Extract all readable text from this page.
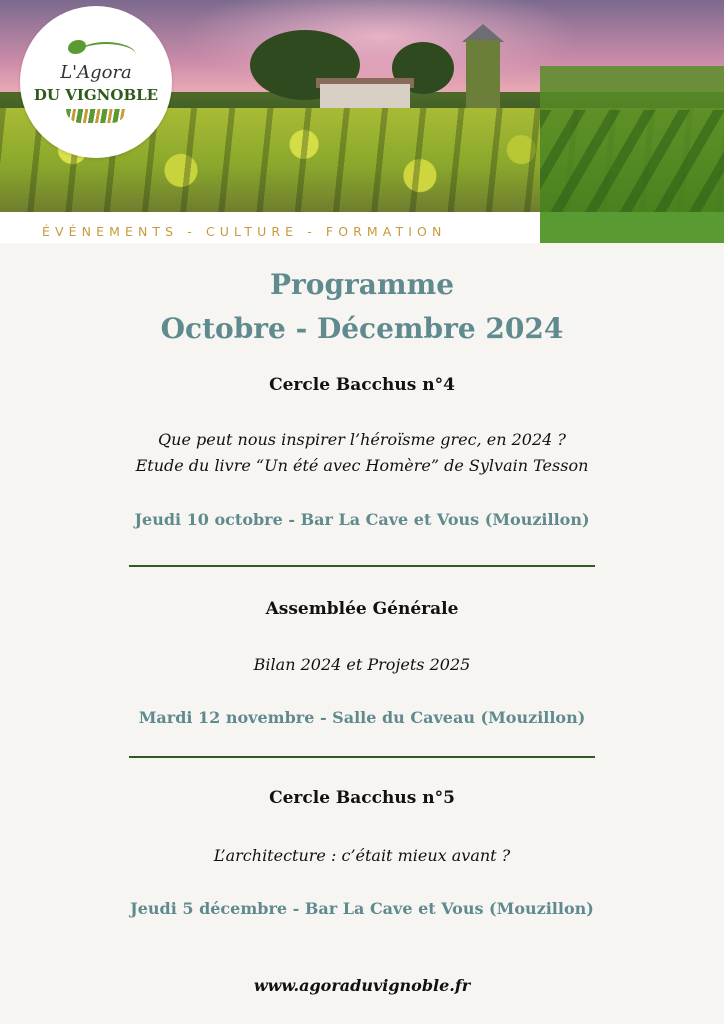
ÉVÉNEMENTS - CULTURE - FORMATION

L'Agora

DU VIGNOBLE

Programme
Octobre - Décembre 2024

Cercle Bacchus n°4

Que peut nous inspirer l’héroïsme grec, en 2024 ?

Etude du livre “Un été avec Homère” de Sylvain Tesson

Jeudi 10 octobre - Bar La Cave et Vous (Mouzillon)

Assemblée Générale

Bilan 2024 et Projets 2025

Mardi 12 novembre - Salle du Caveau (Mouzillon)

Cercle Bacchus n°5

L’architecture : c’était mieux avant ?

Jeudi 5 décembre - Bar La Cave et Vous (Mouzillon)

www.agoraduvignoble.fr
